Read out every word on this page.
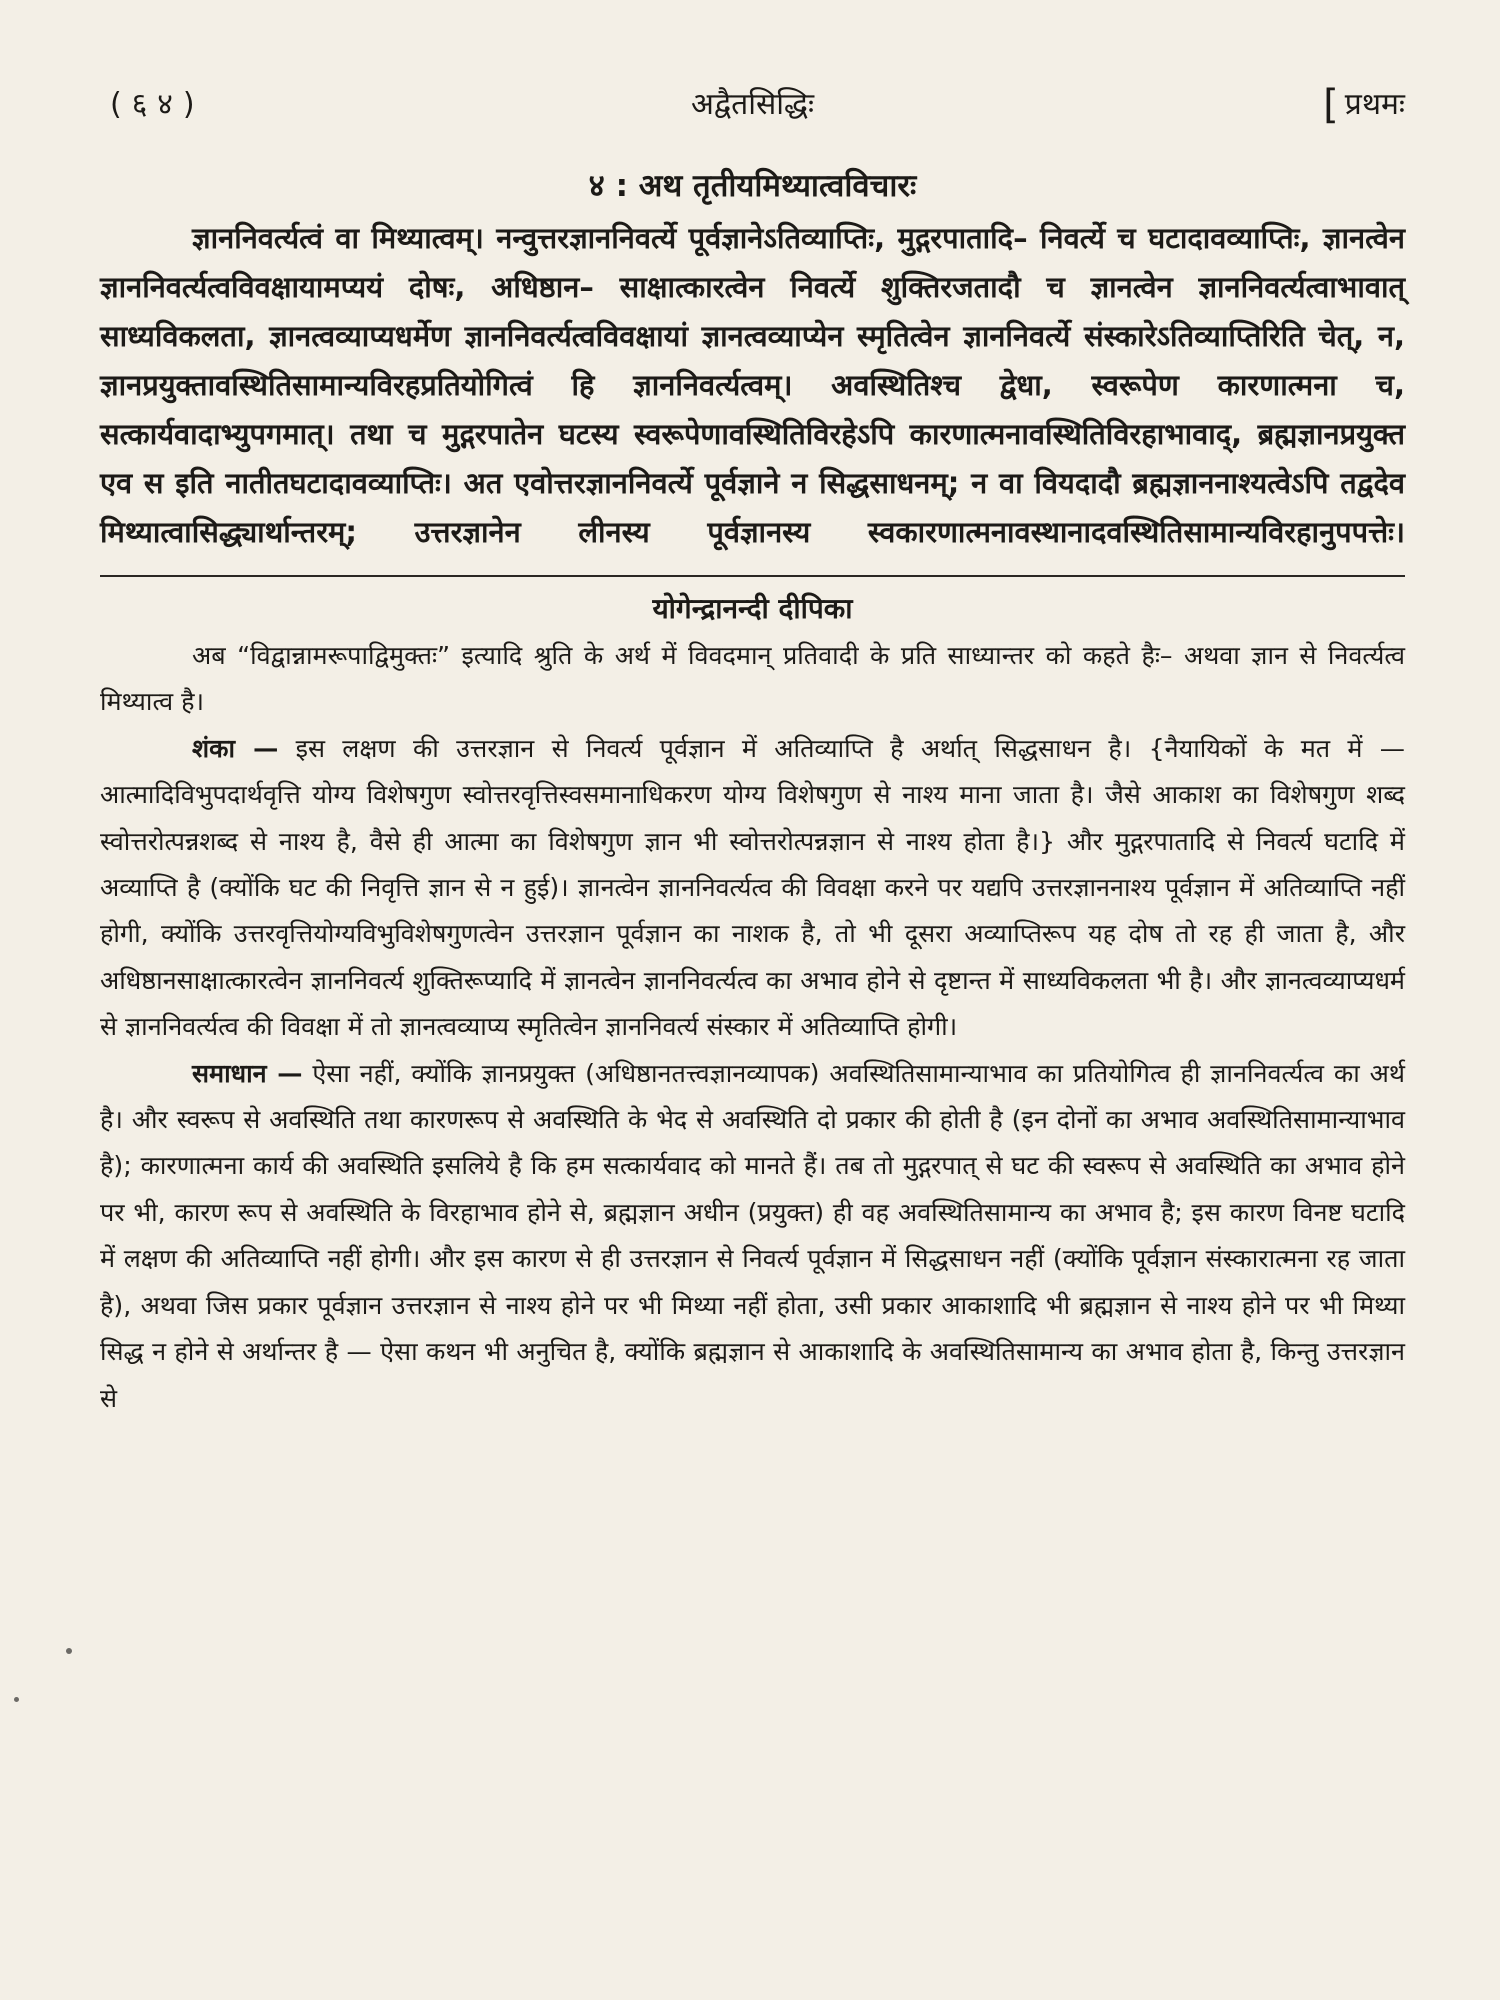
(६४)	अद्वैतसिद्धिः	[ प्रथमः
४ : अथ तृतीयमिथ्यात्वविचारः

ज्ञाननिवर्त्यत्वं वा मिथ्यात्वम्। नन्वुत्तरज्ञाननिवर्त्ये पूर्वज्ञानेऽतिव्याप्तिः, मुद्गरपातादि– निवर्त्ये च घटादावव्याप्तिः, ज्ञानत्वेन ज्ञाननिवर्त्यत्वविवक्षायामप्ययं दोषः, अधिष्ठान– साक्षात्कारत्वेन निवर्त्ये शुक्तिरजतादौ च ज्ञानत्वेन ज्ञाननिवर्त्यत्वाभावात् साध्यविकलता, ज्ञानत्वव्याप्यधर्मेण ज्ञाननिवर्त्यत्वविवक्षायां ज्ञानत्वव्याप्येन स्मृतित्वेन ज्ञाननिवर्त्ये संस्कारेऽतिव्याप्तिरिति चेत्, न, ज्ञानप्रयुक्तावस्थितिसामान्यविरहप्रतियोगित्वं हि ज्ञाननिवर्त्यत्वम्। अवस्थितिश्च द्वेधा, स्वरूपेण कारणात्मना च, सत्कार्यवादाभ्युपगमात्। तथा च मुद्गरपातेन घटस्य स्वरूपेणावस्थितिविरहेऽपि कारणात्मनावस्थितिविरहाभावाद्, ब्रह्मज्ञानप्रयुक्त एव स इति नातीतघटादावव्याप्तिः। अत एवोत्तरज्ञाननिवर्त्ये पूर्वज्ञाने न सिद्धसाधनम्; न वा वियदादौ ब्रह्मज्ञाननाश्यत्वेऽपि तद्वदेव मिथ्यात्वासिद्ध्यार्थान्तरम्; उत्तरज्ञानेन लीनस्य पूर्वज्ञानस्य स्वकारणात्मनावस्थानादवस्थितिसामान्यविरहानुपपत्तेः।

योगेन्द्रानन्दी दीपिका

अब “विद्वान्नामरूपाद्विमुक्तः” इत्यादि श्रुति के अर्थ में विवदमान् प्रतिवादी के प्रति साध्यान्तर को कहते हैः– अथवा ज्ञान से निवर्त्यत्व मिथ्यात्व है।

शंका — इस लक्षण की उत्तरज्ञान से निवर्त्य पूर्वज्ञान में अतिव्याप्ति है अर्थात् सिद्धसाधन है। {नैयायिकों के मत में — आत्मादिविभुपदार्थवृत्ति योग्य विशेषगुण स्वोत्तरवृत्तिस्वसमानाधिकरण योग्य विशेषगुण से नाश्य माना जाता है। जैसे आकाश का विशेषगुण शब्द स्वोत्तरोत्पन्नशब्द से नाश्य है, वैसे ही आत्मा का विशेषगुण ज्ञान भी स्वोत्तरोत्पन्नज्ञान से नाश्य होता है।} और मुद्गरपातादि से निवर्त्य घटादि में अव्याप्ति है (क्योंकि घट की निवृत्ति ज्ञान से न हुई)। ज्ञानत्वेन ज्ञाननिवर्त्यत्व की विवक्षा करने पर यद्यपि उत्तरज्ञाननाश्य पूर्वज्ञान में अतिव्याप्ति नहीं होगी, क्योंकि उत्तरवृत्तियोग्यविभुविशेषगुणत्वेन उत्तरज्ञान पूर्वज्ञान का नाशक है, तो भी दूसरा अव्याप्तिरूप यह दोष तो रह ही जाता है, और अधिष्ठानसाक्षात्कारत्वेन ज्ञाननिवर्त्य शुक्तिरूप्यादि में ज्ञानत्वेन ज्ञाननिवर्त्यत्व का अभाव होने से दृष्टान्त में साध्यविकलता भी है। और ज्ञानत्वव्याप्यधर्म से ज्ञाननिवर्त्यत्व की विवक्षा में तो ज्ञानत्वव्याप्य स्मृतित्वेन ज्ञाननिवर्त्य संस्कार में अतिव्याप्ति होगी।

समाधान — ऐसा नहीं, क्योंकि ज्ञानप्रयुक्त (अधिष्ठानतत्त्वज्ञानव्यापक) अवस्थितिसामान्याभाव का प्रतियोगित्व ही ज्ञाननिवर्त्यत्व का अर्थ है। और स्वरूप से अवस्थिति तथा कारणरूप से अवस्थिति के भेद से अवस्थिति दो प्रकार की होती है (इन दोनों का अभाव अवस्थितिसामान्याभाव है); कारणात्मना कार्य की अवस्थिति इसलिये है कि हम सत्कार्यवाद को मानते हैं। तब तो मुद्गरपात् से घट की स्वरूप से अवस्थिति का अभाव होने पर भी, कारण रूप से अवस्थिति के विरहाभाव होने से, ब्रह्मज्ञान अधीन (प्रयुक्त) ही वह अवस्थितिसामान्य का अभाव है; इस कारण विनष्ट घटादि में लक्षण की अतिव्याप्ति नहीं होगी। और इस कारण से ही उत्तरज्ञान से निवर्त्य पूर्वज्ञान में सिद्धसाधन नहीं (क्योंकि पूर्वज्ञान संस्कारात्मना रह जाता है), अथवा जिस प्रकार पूर्वज्ञान उत्तरज्ञान से नाश्य होने पर भी मिथ्या नहीं होता, उसी प्रकार आकाशादि भी ब्रह्मज्ञान से नाश्य होने पर भी मिथ्या सिद्ध न होने से अर्थान्तर है — ऐसा कथन भी अनुचित है, क्योंकि ब्रह्मज्ञान से आकाशादि के अवस्थितिसामान्य का अभाव होता है, किन्तु उत्तरज्ञान से
